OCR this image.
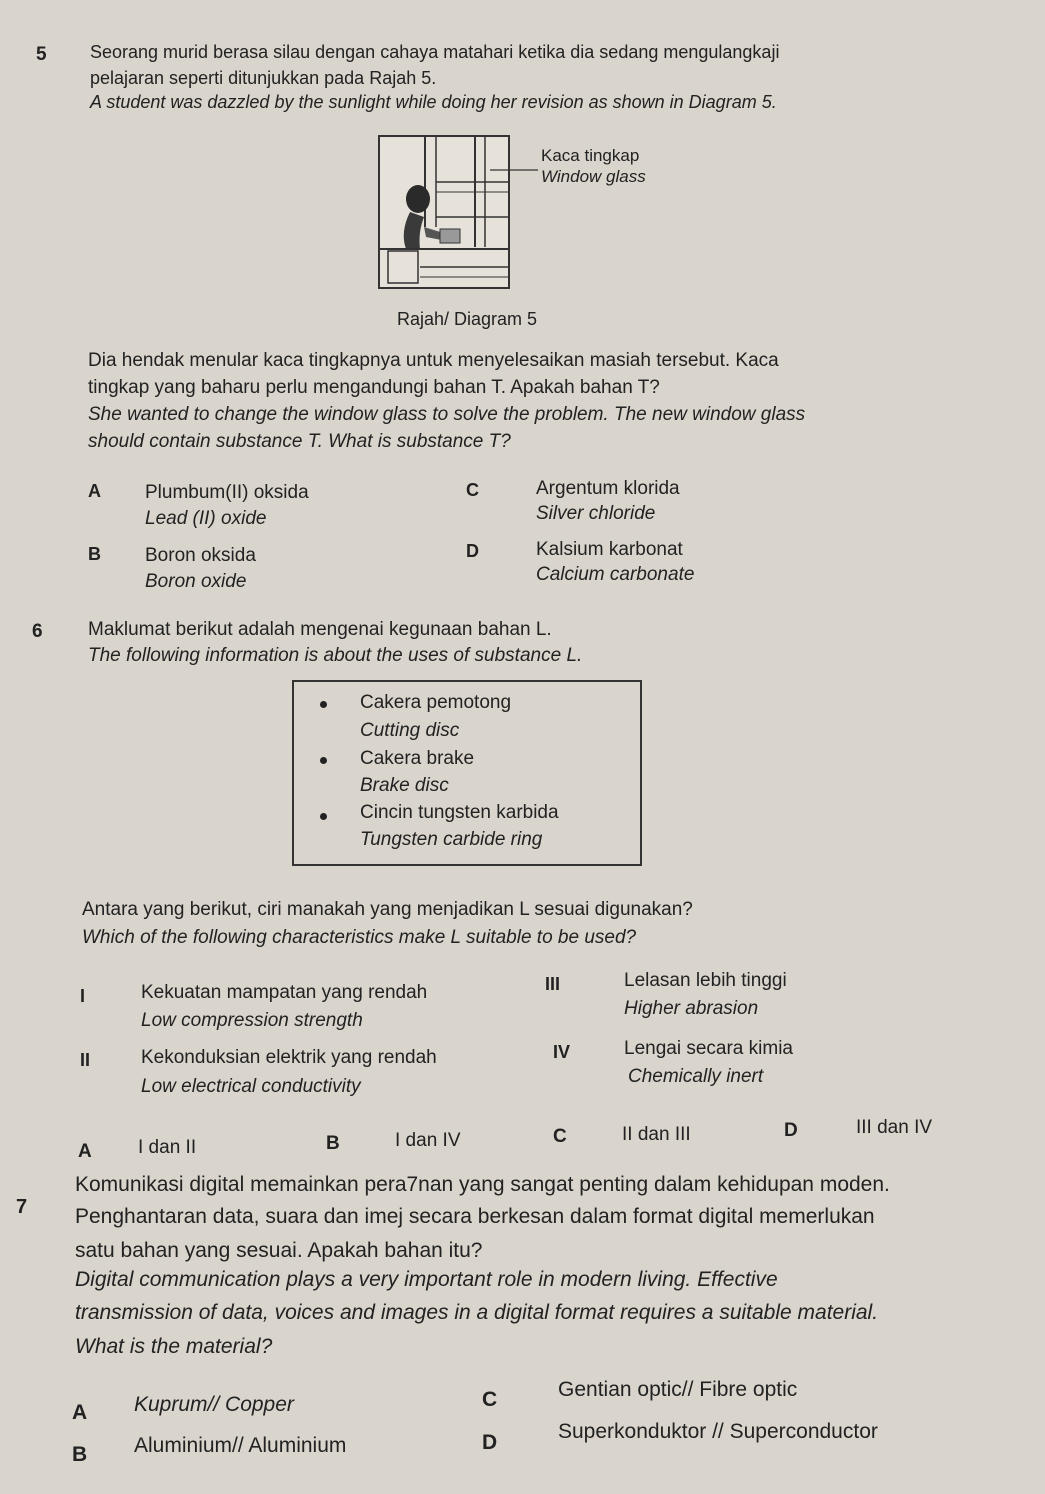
5 Seorang murid berasa silau dengan cahaya matahari ketika dia sedang mengulangkaji
pelajaran seperti ditunjukkan pada Rajah 5.
A student was dazzled by the sunlight while doing her revision as shown in Diagram 5.
Kaca tingkap
Window glass
Rajah/ Diagram 5
Dia hendak menular kaca tingkapnya untuk menyelesaikan masiah tersebut. Kaca
tingkap yang baharu perlu mengandungi bahan T. Apakah bahan T?
She wanted to change the window glass to solve the problem. The new window glass
should contain substance T. What is substance T?
A Plumbum(II) oksida
Lead (II) oxide
B Boron oksida
Boron oxide
C	Argentum klorida
Silver chloride
D	Kalsium karbonat
Calcium carbonate
6 Maklumat berikut adalah mengenai kegunaan bahan L.
The following information is about the uses of substance L.
Cakera pemotong
Cutting disc
Cakera brake
Brake disc
Cincin tungsten karbida
Tungsten carbide ring
Antara yang berikut, ciri manakah yang menjadikan L sesuai digunakan?
Which of the following characteristics make L suitable to be used?
I	Kekuatan mampatan yang rendah
Low compression strength
II	Kekonduksian elektrik yang rendah
Low electrical conductivity
III	Lelasan lebih tinggi
Higher abrasion
IV	Lengai secara kimia
Chemically inert
A I dan II	B	I dan IV	C	II dan III	D	III dan IV
7
Komunikasi digital memainkan pera7nan yang sangat penting dalam kehidupan moden.
Penghantaran data, suara dan imej secara berkesan dalam format digital memerlukan
satu bahan yang sesuai. Apakah bahan itu?
Digital communication plays a very important role in modern living. Effective
transmission of data, voices and images in a digital format requires a suitable material.
What is the material?
A Kuprum// Copper
B Aluminium// Aluminium
C	Gentian optic// Fibre optic
D	Superkonduktor // Superconductor
